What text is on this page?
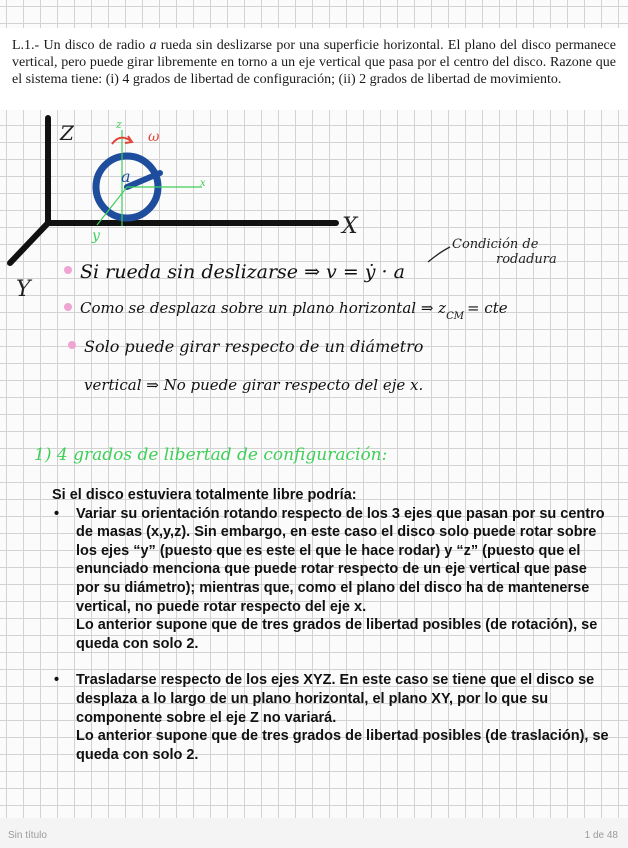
L.1.- Un disco de radio a rueda sin deslizarse por una superficie horizontal. El plano del disco permanece vertical, pero puede girar libremente en torno a un eje vertical que pasa por el centro del disco. Razone que el sistema tiene: (i) 4 grados de libertad de configuración; (ii) 2 grados de libertad de movimiento.
Z
X
Y
z
ω
a	x
y
Condición de
rodadura
Si rueda sin deslizarse ⇒ v = ẏ · a
Como se desplaza sobre un plano horizontal ⇒ $z_{CM}$ = cte
Solo puede girar respecto de un diámetro
vertical ⇒ No puede girar respecto del eje x.
1) 4 grados de libertad de configuración:
Si el disco estuviera totalmente libre podría:
• Variar su orientación rotando respecto de los 3 ejes que pasan por su centro de masas (x,y,z). Sin embargo, en este caso el disco solo puede rotar sobre los ejes “y” (puesto que es este el que le hace rodar) y “z” (puesto que el enunciado menciona que puede rotar respecto de un eje vertical que pase por su diámetro); mientras que, como el plano del disco ha de mantenerse vertical, no puede rotar respecto del eje x.
Lo anterior supone que de tres grados de libertad posibles (de rotación), se queda con solo 2.
• Trasladarse respecto de los ejes XYZ. En este caso se tiene que el disco se desplaza a lo largo de un plano horizontal, el plano XY, por lo que su componente sobre el eje Z no variará.
Lo anterior supone que de tres grados de libertad posibles (de traslación), se queda con solo 2.
Sin título	1 de 48
